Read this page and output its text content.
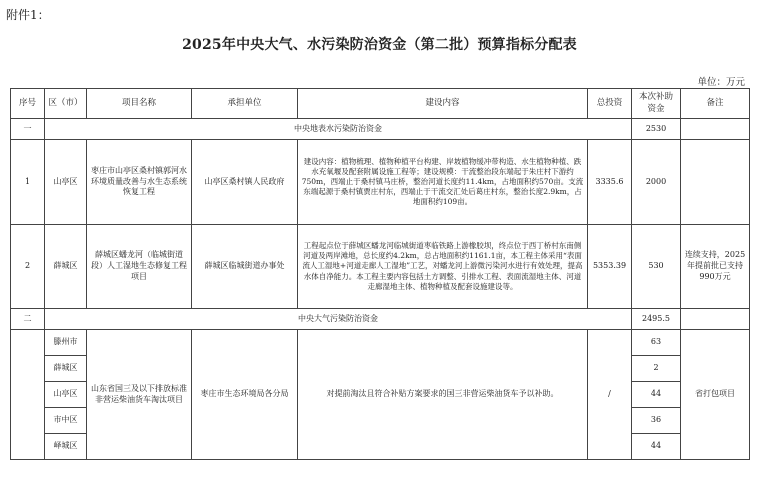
附件1：
2025年中央大气、水污染防治资金（第二批）预算指标分配表
单位：万元
序号	区（市）	项目名称	承担单位	建设内容	总投资	本次补助资金	备注
一	中央地表水污染防治资金					2530	
1	山亭区	枣庄市山亭区桑村镇郭河水环境质量改善与水生态系统恢复工程	山亭区桑村镇人民政府	建设内容：植物梳理、植物种植平台构建、岸坡植物缓冲带构造、水生植物种植、跌水充氧堰及配套附属设施工程等；建设规模：干流整治段东端起于朱庄村下游约750m，西端止于桑村镇马庄桥，整治河道长度约11.4km，占地面积约570亩。支流东端起源于桑村镇贾庄村东，西端止于干流交汇处后葛庄村东，整治长度2.9km，占地面积约109亩。	3335.6	2000	
2	薛城区	薛城区蟠龙河（临城街道段）人工湿地生态修复工程项目	薛城区临城街道办事处	工程起点位于薛城区蟠龙河临城街道枣临铁路上游橡胶坝，终点位于西丁桥村东南侧河道及两岸滩地，总长度约4.2km，总占地面积约1161.1亩，本工程主体采用“表面流人工湿地+河道走廊人工湿地”工艺，对蟠龙河上游微污染河水进行有效处理，提高水体自净能力。本工程主要内容包括土方调整、引排水工程、表面流湿地主体、河道走廊湿地主体、植物种植及配套设施建设等。	5353.39	530	连续支持，2025年提前批已支持990万元
二	中央大气污染防治资金					2495.5	
	滕州市	山东省国三及以下排放标准非营运柴油货车淘汰项目	枣庄市生态环境局各分局	对提前淘汰且符合补贴方案要求的国三非营运柴油货车予以补助。	/	63	省打包项目
	薛城区					2	
	山亭区					44	
	市中区					36	
	峄城区					44	
